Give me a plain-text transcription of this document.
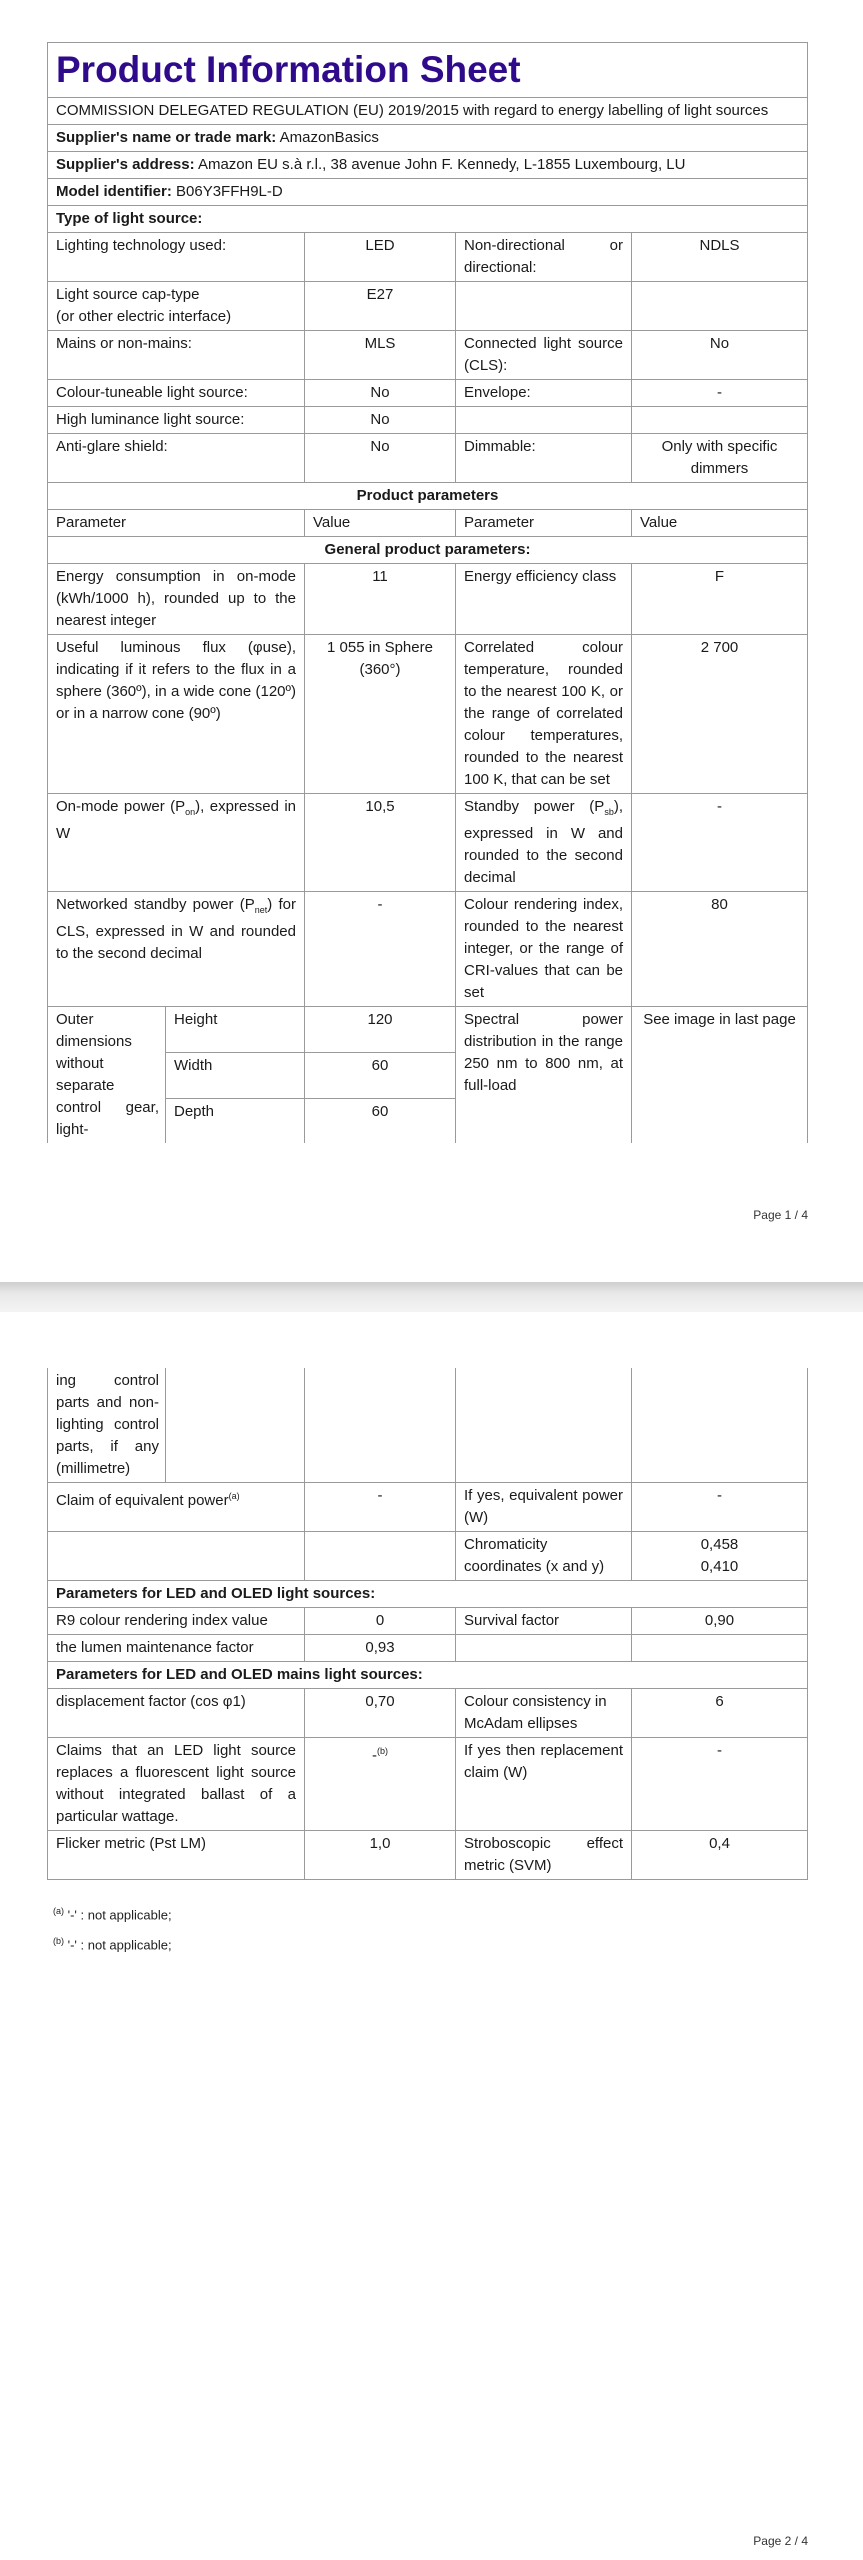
Product Information Sheet				
COMMISSION DELEGATED REGULATION (EU) 2019/2015 with regard to energy labelling of light sources				
Supplier's name or trade mark: AmazonBasics				
Supplier's address: Amazon EU s.à r.l., 38 avenue John F. Kennedy, L-1855 Luxembourg, LU				
Model identifier: B06Y3FFH9L-D				
Type of light source:				
Lighting technology used:		LED	Non-directional or directional:	NDLS

Light source cap-type
(or other electric interface)		E27		
Mains or non-mains:		MLS	Connected light source (CLS):	No
Colour-tuneable light source:		No	Envelope:	-
High luminance light source:		No		
Anti-glare shield:		No	Dimmable:	Only with specific dimmers
Product parameters				
Parameter		Value	Parameter	Value
General product parameters:				
Energy consumption in on-mode (kWh/1000 h), rounded up to the nearest integer		11	Energy efficiency class	F
Useful luminous flux (φuse), indicating if it refers to the flux in a sphere (360º), in a wide cone (120º) or in a narrow cone (90º)		1 055 in Sphere (360°)	Correlated colour temperature, rounded to the nearest 100 K, or the range of correlated colour temperatures, rounded to the nearest 100 K, that can be set	2 700
On-mode power $(P_{on})$, expressed in W		10,5	Standby power $(P_{sb})$, expressed in W and rounded to the second decimal	-
Networked standby power $(P_{net})$ for CLS, expressed in W and rounded to the second decimal		-	Colour rendering index, rounded to the nearest integer, or the range of CRI-values that can be set	80
Outer dimensions without separate control gear, light-	Height	120	Spectral power distribution in the range 250 nm to 800 nm, at full-load	See image in last page
	Width	60		
	Depth	60		
Page 1 / 4
ing control parts and non-lighting control parts, if any (millimetre)				
Claim of equivalent power$^{(a)}$		-	If yes, equivalent power (W)	-
			Chromaticity coordinates (x and y)	0,458
0,410

Parameters for LED and OLED light sources:				
R9 colour rendering index value		0	Survival factor	0,90
the lumen maintenance factor		0,93		
Parameters for LED and OLED mains light sources:				
displacement factor (cos φ1)		0,70	Colour consistency in McAdam ellipses	6
Claims that an LED light source replaces a fluorescent light source without integrated ballast of a particular wattage.		-$^{(b)}$	If yes then replacement claim (W)	-
Flicker metric (Pst LM)		1,0	Stroboscopic effect metric (SVM)	0,4
$^{(a)}$ '-' : not applicable;
$^{(b)}$ '-' : not applicable;
Page 2 / 4
